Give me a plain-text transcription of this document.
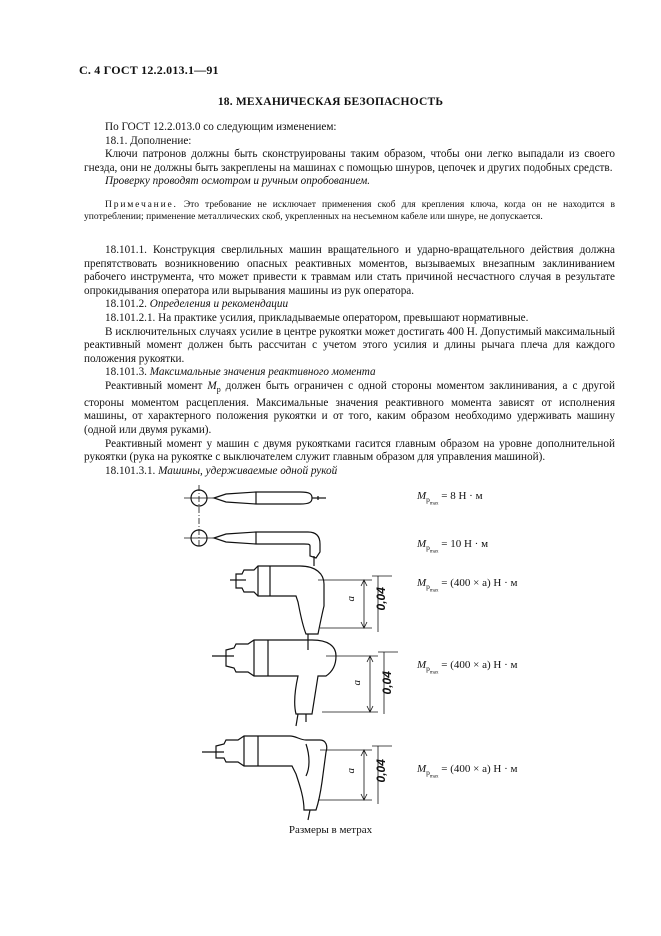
С. 4 ГОСТ 12.2.013.1—91
18. МЕХАНИЧЕСКАЯ БЕЗОПАСНОСТЬ

По ГОСТ 12.2.013.0 со следующим изменением:

18.1. Дополнение:

Ключи патронов должны быть сконструированы таким образом, чтобы они легко выпадали из своего гнезда, они не должны быть закреплены на машинах с помощью шнуров, цепочек и других подобных средств.

Проверку проводят осмотром и ручным опробованием.

Примечание. Это требование не исключает применения скоб для крепления ключа, когда он не находится в употреблении; применение металлических скоб, укрепленных на несъемном кабеле или шнуре, не допускается.

18.101.1. Конструкция сверлильных машин вращательного и ударно-вращательного действия должна препятствовать возникновению опасных реактивных моментов, вызываемых внезапным заклиниванием рабочего инструмента, что может привести к травмам или стать причиной несчастного случая в результате опрокидывания оператора или вырывания машины из рук оператора.

18.101.2. Определения и рекомендации

18.101.2.1. На практике усилия, прикладываемые оператором, превышают нормативные.

В исключительных случаях усилие в центре рукоятки может достигать 400 Н. Допустимый максимальный реактивный момент должен быть рассчитан с учетом этого усилия и длины рычага плеча для каждого положения рукоятки.

18.101.3. Максимальные значения реактивного момента

Реактивный момент $M_р$ должен быть ограничен с одной стороны моментом заклинивания, а с другой стороны моментом расцепления. Максимальные значения реактивного момента зависят от исполнения машины, от характерного положения рукоятки и от того, каким образом необходимо удерживать машину (одной или двумя руками).

Реактивный момент у машин с двумя рукоятками гасится главным образом на уровне дополнительной рукоятки (рука на рукоятке с выключателем служит главным образом для управления машиной).

18.101.3.1. Машины, удерживаемые одной рукой

a 0,04
a 0,04
a 0,04
$M_{р_{max}} = 8$ Н · м
$M_{р_{max}} = 10$ Н · м
$M_{р_{max}} = (400 \times a) Н \cdot м$
$M_{р_{max}} = (400 \times a) Н \cdot м$
$M_{р_{max}} = (400 \times a) Н \cdot м$
Размеры в метрах
